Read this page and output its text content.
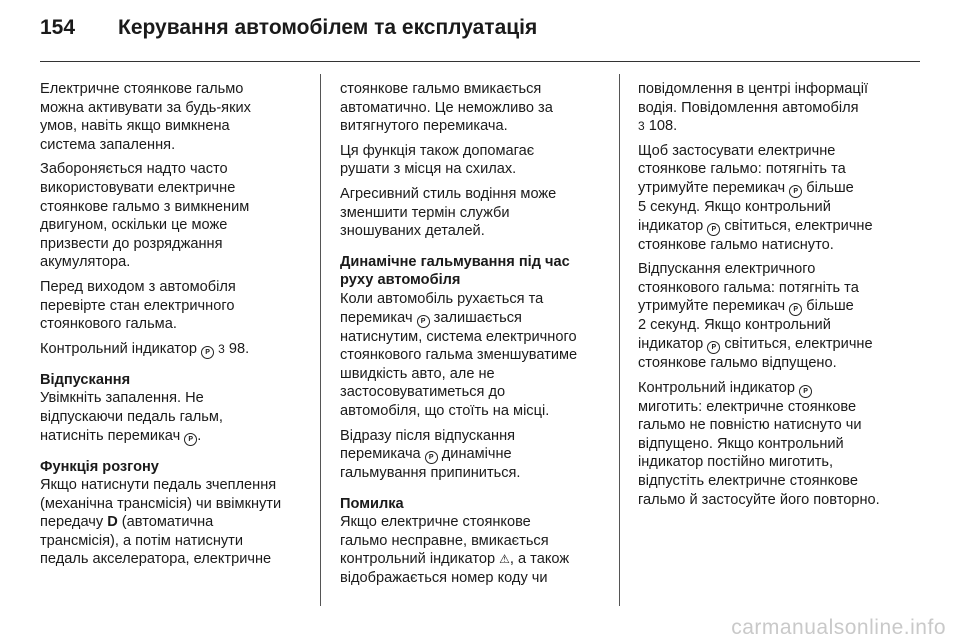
154 Керування автомобілем та експлуатація

Електричне стоянкове гальмо
можна активувати за будь-яких
умов, навіть якщо вимкнена
система запалення.

Забороняється надто часто
використовувати електричне
стоянкове гальмо з вимкненим
двигуном, оскільки це може
призвести до розряджання
акумулятора.

Перед виходом з автомобіля
перевірте стан електричного
стоянкового гальма.

Контрольний індикатор P 3 98.

Відпускання

Увімкніть запалення. Не
відпускаючи педаль гальм,
натисніть перемикач P .

Функція розгону

Якщо натиснути педаль зчеплення
(механічна трансмісія) чи ввімкнути
передачу D (автоматична
трансмісія), а потім натиснути
педаль акселератора, електричне

стоянкове гальмо вмикається
автоматично. Це неможливо за
витягнутого перемикача.

Ця функція також допомагає
рушати з місця на схилах.

Агресивний стиль водіння може
зменшити термін служби
зношуваних деталей.

Динамічне гальмування під час
руху автомобіля

Коли автомобіль рухається та
перемикач P залишається
натиснутим, система електричного
стоянкового гальма зменшуватиме
швидкість авто, але не
застосовуватиметься до
автомобіля, що стоїть на місці.

Відразу після відпускання
перемикача P динамічне
гальмування припиниться.

Помилка

Якщо електричне стоянкове
гальмо несправне, вмикається
контрольний індикатор ⚠, а також
відображається номер коду чи

повідомлення в центрі інформації
водія. Повідомлення автомобіля
3 108.

Щоб застосувати електричне
стоянкове гальмо: потягніть та
утримуйте перемикач P більше
5 секунд. Якщо контрольний
індикатор P світиться, електричне
стоянкове гальмо натиснуто.

Відпускання електричного
стоянкового гальма: потягніть та
утримуйте перемикач P більше
2 секунд. Якщо контрольний
індикатор P світиться, електричне
стоянкове гальмо відпущено.

Контрольний індикатор P
миготить: електричне стоянкове
гальмо не повністю натиснуто чи
відпущено. Якщо контрольний
індикатор постійно миготить,
відпустіть електричне стоянкове
гальмо й застосуйте його повторно.

carmanualsonline.info
